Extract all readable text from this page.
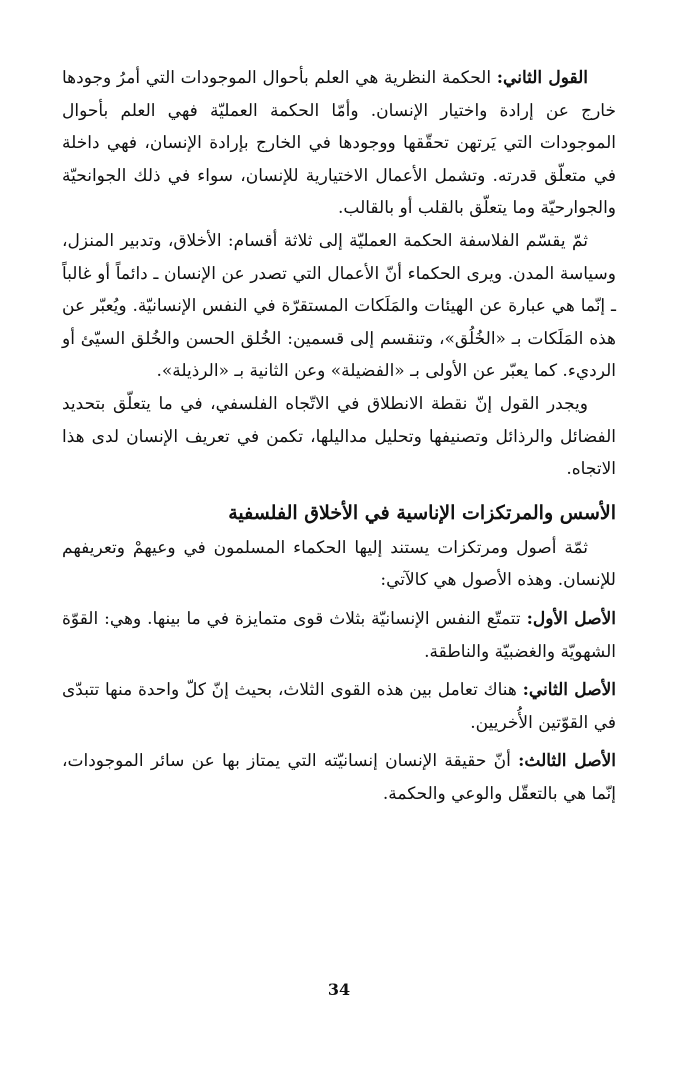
القول الثاني: الحكمة النظرية هي العلم بأحوال الموجودات التي أمرُ وجودها خارج عن إرادة واختيار الإنسان. وأمّا الحكمة العمليّة فهي العلم بأحوال الموجودات التي يَرتهن تحقّقها ووجودها في الخارج بإرادة الإنسان، فهي داخلة في متعلّق قدرته. وتشمل الأعمال الاختيارية للإنسان، سواء في ذلك الجوانحيّة والجوارحيّة وما يتعلّق بالقلب أو بالقالب.

ثمّ يقسّم الفلاسفة الحكمة العمليّة إلى ثلاثة أقسام: الأخلاق، وتدبير المنزل، وسياسة المدن. ويرى الحكماء أنّ الأعمال التي تصدر عن الإنسان ـ دائماً أو غالباً ـ إنّما هي عبارة عن الهيئات والمَلَكات المستقرّة في النفس الإنسانيّة. ويُعبّر عن هذه المَلَكات بـ «الخُلُق»، وتنقسم إلى قسمين: الخُلق الحسن والخُلق السيّئ أو الرديء. كما يعبّر عن الأولى بـ «الفضيلة» وعن الثانية بـ «الرذيلة».

ويجدر القول إنّ نقطة الانطلاق في الاتّجاه الفلسفي، في ما يتعلّق بتحديد الفضائل والرذائل وتصنيفها وتحليل مداليلها، تكمن في تعريف الإنسان لدى هذا الاتجاه.

الأسس والمرتكزات الإناسية في الأخلاق الفلسفية

ثمّة أصول ومرتكزات يستند إليها الحكماء المسلمون في وعيهمْ وتعريفهم للإنسان. وهذه الأصول هي كالآتي:

الأصل الأول: تتمتّع النفس الإنسانيّة بثلاث قوى متمايزة في ما بينها. وهي: القوّة الشهويّة والغضبيّة والناطقة.

الأصل الثاني: هناك تعامل بين هذه القوى الثلاث، بحيث إنّ كلّ واحدة منها تتبدّى في القوّتين الأُخريين.

الأصل الثالث: أنّ حقيقة الإنسان إنسانيّته التي يمتاز بها عن سائر الموجودات، إنّما هي بالتعقّل والوعي والحكمة.

34
